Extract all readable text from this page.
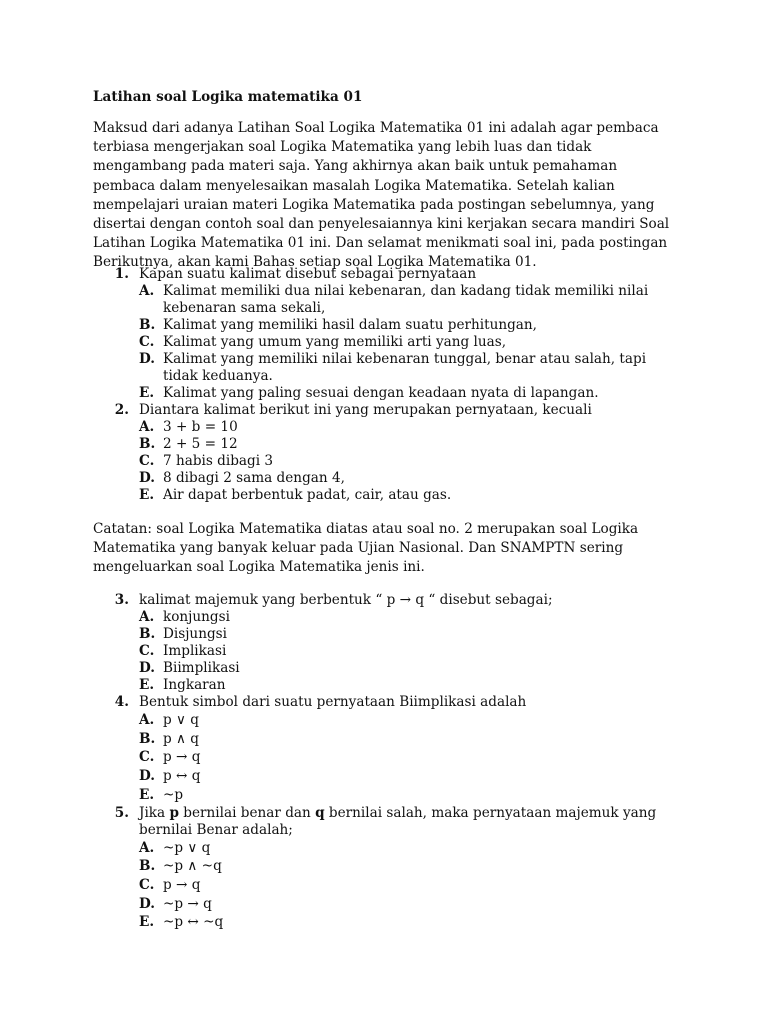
Latihan soal Logika matematika 01

Maksud dari adanya Latihan Soal Logika Matematika 01 ini adalah agar pembaca terbiasa mengerjakan soal Logika Matematika yang lebih luas dan tidak mengambang pada materi saja. Yang akhirnya akan baik untuk pemahaman pembaca dalam menyelesaikan masalah Logika Matematika. Setelah kalian mempelajari uraian materi Logika Matematika pada postingan sebelumnya, yang disertai dengan contoh soal dan penyelesaiannya kini kerjakan secara mandiri Soal Latihan Logika Matematika 01 ini. Dan selamat menikmati soal ini, pada postingan Berikutnya, akan kami Bahas setiap soal Logika Matematika 01.

1. Kapan suatu kalimat disebut sebagai pernyataan
A. Kalimat memiliki dua nilai kebenaran, dan kadang tidak memiliki nilai kebenaran sama sekali,
B. Kalimat yang memiliki hasil dalam suatu perhitungan,
C. Kalimat yang umum yang memiliki arti yang luas,
D. Kalimat yang memiliki nilai kebenaran tunggal, benar atau salah, tapi tidak keduanya.
E. Kalimat yang paling sesuai dengan keadaan nyata di lapangan.
2. Diantara kalimat berikut ini yang merupakan pernyataan, kecuali
A. 3 + b = 10
B. 2 + 5 = 12
C. 7 habis dibagi 3
D. 8 dibagi 2 sama dengan 4,
E. Air dapat berbentuk padat, cair, atau gas.

Catatan: soal Logika Matematika diatas atau soal no. 2 merupakan soal Logika Matematika yang banyak keluar pada Ujian Nasional. Dan SNAMPTN sering mengeluarkan soal Logika Matematika jenis ini.

3. kalimat majemuk yang berbentuk “ p → q “ disebut sebagai;
A. konjungsi
B. Disjungsi
C. Implikasi
D. Biimplikasi
E. Ingkaran
4. Bentuk simbol dari suatu pernyataan Biimplikasi adalah
A. p ∨ q
B. p ∧ q
C. p → q
D. p ↔ q
E. ~p
5. Jika p bernilai benar dan q bernilai salah, maka pernyataan majemuk yang bernilai Benar adalah;
A. ~p ∨ q
B. ~p ∧ ~q
C. p → q
D. ~p → q
E. ~p ↔ ~q
